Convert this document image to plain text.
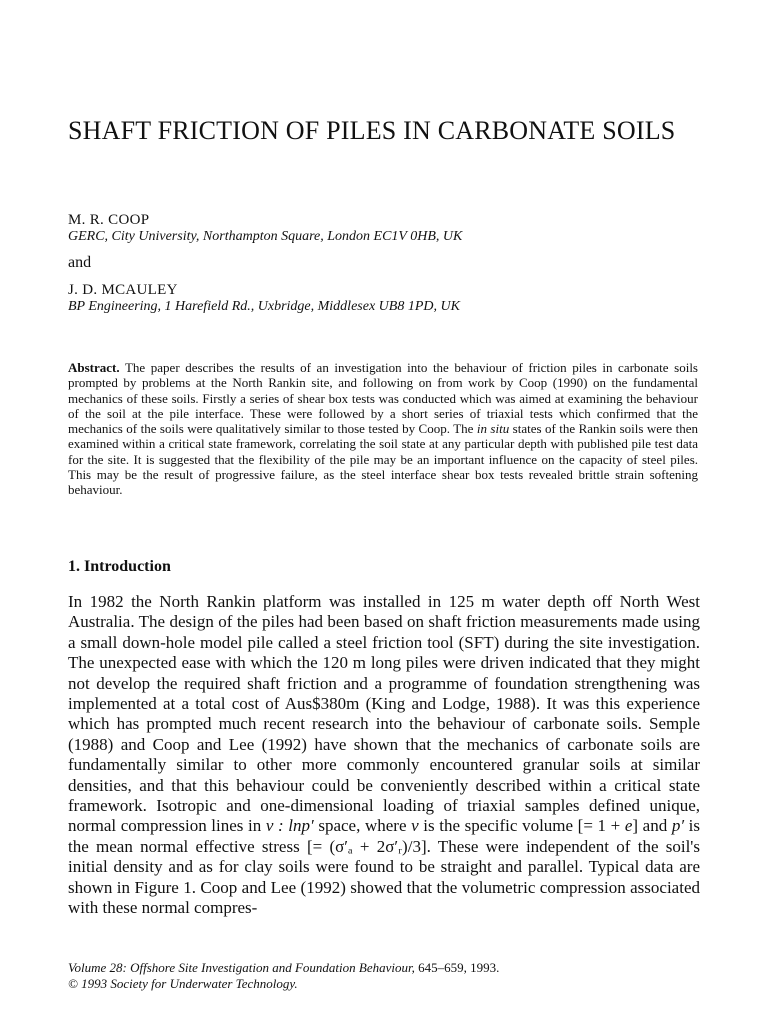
SHAFT FRICTION OF PILES IN CARBONATE SOILS
M. R. COOP
GERC, City University, Northampton Square, London EC1V 0HB, UK
and
J. D. MCAULEY
BP Engineering, 1 Harefield Rd., Uxbridge, Middlesex UB8 1PD, UK

Abstract. The paper describes the results of an investigation into the behaviour of friction piles in carbonate soils prompted by problems at the North Rankin site, and following on from work by Coop (1990) on the fundamental mechanics of these soils. Firstly a series of shear box tests was conducted which was aimed at examining the behaviour of the soil at the pile interface. These were followed by a short series of triaxial tests which confirmed that the mechanics of the soils were qualitatively similar to those tested by Coop. The in situ states of the Rankin soils were then examined within a critical state framework, correlating the soil state at any particular depth with published pile test data for the site. It is suggested that the flexibility of the pile may be an important influence on the capacity of steel piles. This may be the result of progressive failure, as the steel interface shear box tests revealed brittle strain softening behaviour.

1. Introduction

In 1982 the North Rankin platform was installed in 125 m water depth off North West Australia. The design of the piles had been based on shaft friction measurements made using a small down-hole model pile called a steel friction tool (SFT) during the site investigation. The unexpected ease with which the 120 m long piles were driven indicated that they might not develop the required shaft friction and a programme of foundation strengthening was implemented at a total cost of Aus$380m (King and Lodge, 1988). It was this experience which has prompted much recent research into the behaviour of carbonate soils. Semple (1988) and Coop and Lee (1992) have shown that the mechanics of carbonate soils are fundamentally similar to other more commonly encountered granular soils at similar densities, and that this behaviour could be conveniently described within a critical state framework. Isotropic and one-dimensional loading of triaxial samples defined unique, normal compression lines in v : lnp′ space, where v is the specific volume [= 1 + e] and p′ is the mean normal effective stress [= (σ′ₐ + 2σ′ᵣ)/3]. These were independent of the soil's initial density and as for clay soils were found to be straight and parallel. Typical data are shown in Figure 1. Coop and Lee (1992) showed that the volumetric compression associated with these normal compres-

Volume 28: Offshore Site Investigation and Foundation Behaviour, 645–659, 1993.
© 1993 Society for Underwater Technology.
